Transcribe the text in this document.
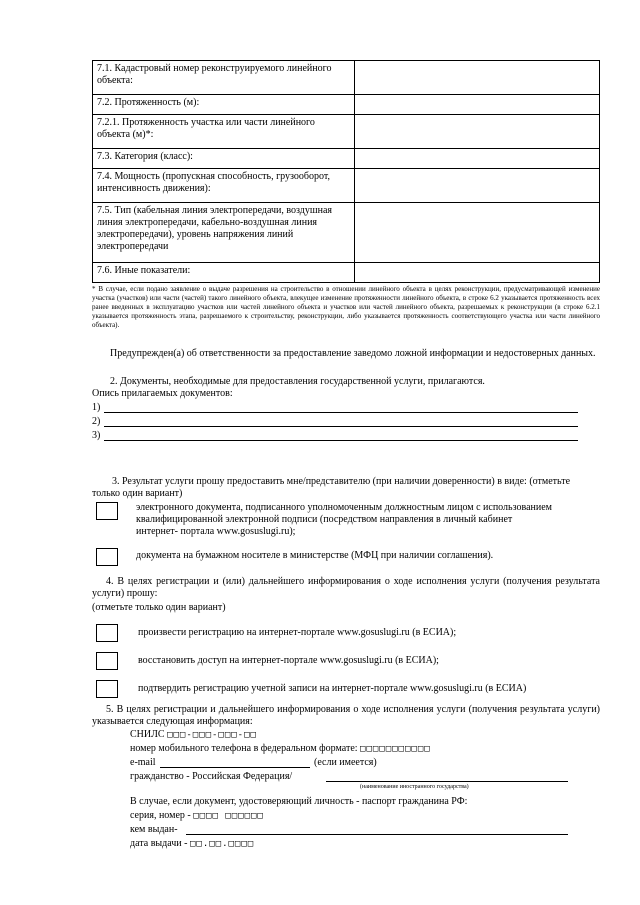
7.1. Кадастровый номер реконструируемого линейного объекта:	
7.2. Протяженность (м):	
7.2.1. Протяженность участка или части линейного объекта (м)*:	
7.3. Категория (класс):	
7.4. Мощность (пропускная способность, грузооборот, интенсивность движения):	
7.5. Тип (кабельная линия электропередачи, воздушная линия электропередачи, кабельно-воздушная линия электропередачи), уровень напряжения линий электропередачи	
7.6. Иные показатели:	
* В случае, если подано заявление о выдаче разрешения на строительство в отношении линейного объекта в целях реконструкции, предусматривающей изменение участка (участков) или части (частей) такого линейного объекта, влекущее изменение протяженности линейного объекта, в строке 6.2 указывается протяженность всех ранее введенных в эксплуатацию участков или частей линейного объекта и участков или частей линейного объекта, разрешаемых к реконструкции (в строке 6.2.1 указывается протяженность этапа, разрешаемого к строительству, реконструкции, либо указывается протяженность соответствующего участка или части линейного объекта).
Предупрежден(а) об ответственности за предоставление заведомо ложной информации и недостоверных данных.
2. Документы, необходимые для предоставления государственной услуги, прилагаются.
Опись прилагаемых документов:
1)
2)
3)
3. Результат услуги прошу предоставить мне/представителю (при наличии доверенности) в виде: (отметьте только один вариант)
электронного документа, подписанного уполномоченным должностным лицом с использованием квалифицированной электронной подписи (посредством направления в личный кабинет интернет- портала www.gosuslugi.ru);
документа на бумажном носителе в министерстве (МФЦ при наличии соглашения).
4. В целях регистрации и (или) дальнейшего информирования о ходе исполнения услуги (получения результата услуги) прошу:
(отметьте только один вариант)
произвести регистрацию на интернет-портале www.gosuslugi.ru (в ЕСИА);
восстановить доступ на интернет-портале www.gosuslugi.ru (в ЕСИА);
подтвердить регистрацию учетной записи на интернет-портале www.gosuslugi.ru (в ЕСИА)
5. В целях регистрации и дальнейшего информирования о ходе исполнения услуги (получения результата услуги) указывается следующая информация:
СНИЛС □□□-□□□-□□□-□□
номер мобильного телефона в федеральном формате: □□□□□□□□□□□
e-mail	(если имеется)
гражданство - Российская Федерация/
(наименование иностранного государства)
В случае, если документ, удостоверяющий личность - паспорт гражданина РФ:
серия, номер - □□□□ □□□□□□
кем выдан-
дата выдачи - □□.□□.□□□□
